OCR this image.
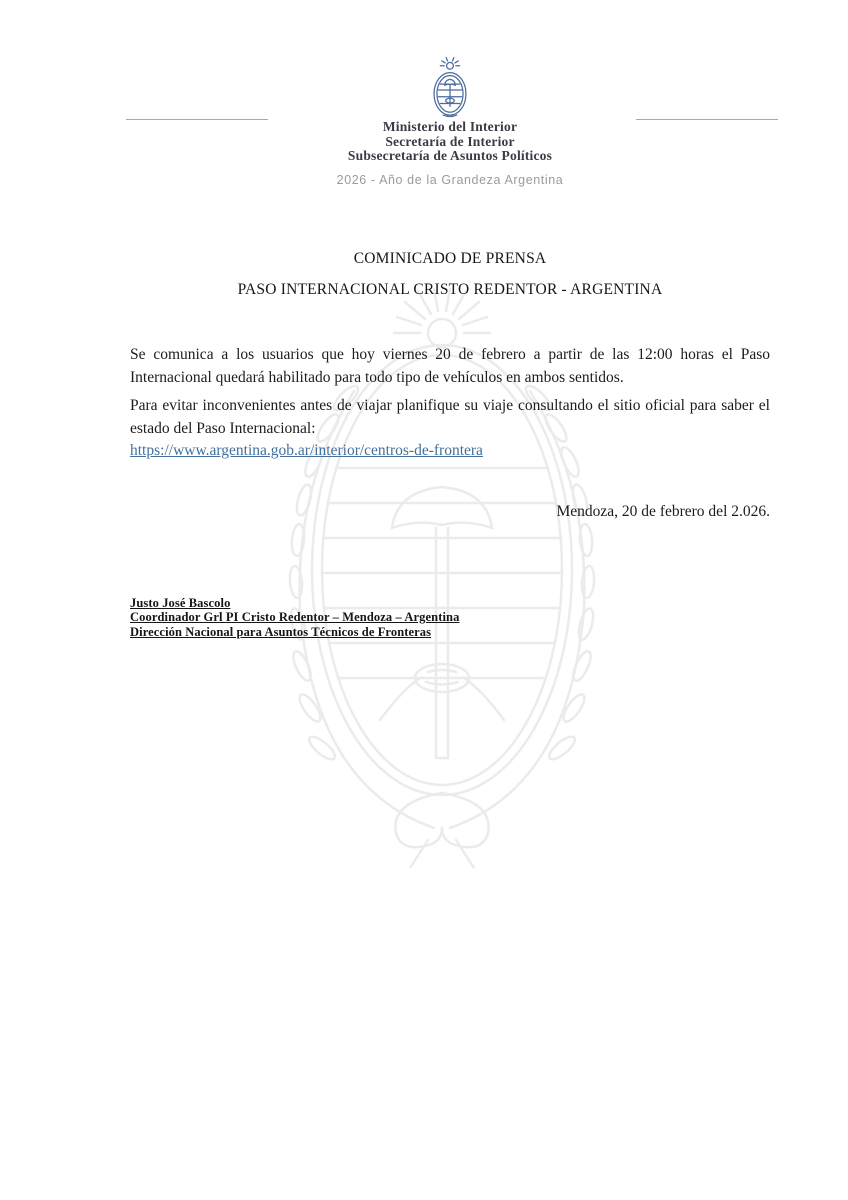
Ministerio del Interior
Secretaría de Interior
Subsecretaría de Asuntos Políticos
2026 - Año de la Grandeza Argentina
COMINICADO DE PRENSA
PASO INTERNACIONAL CRISTO REDENTOR - ARGENTINA

Se comunica a los usuarios que hoy viernes 20 de febrero a partir de las 12:00 horas el Paso Internacional quedará habilitado para todo tipo de vehículos en ambos sentidos.

Para evitar inconvenientes antes de viajar planifique su viaje consultando el sitio oficial para saber el estado del Paso Internacional:

https://www.argentina.gob.ar/interior/centros-de-frontera
Mendoza, 20 de febrero del 2.026.
Justo José Bascolo
Coordinador Grl PI Cristo Redentor – Mendoza – Argentina
Dirección Nacional para Asuntos Técnicos de Fronteras
